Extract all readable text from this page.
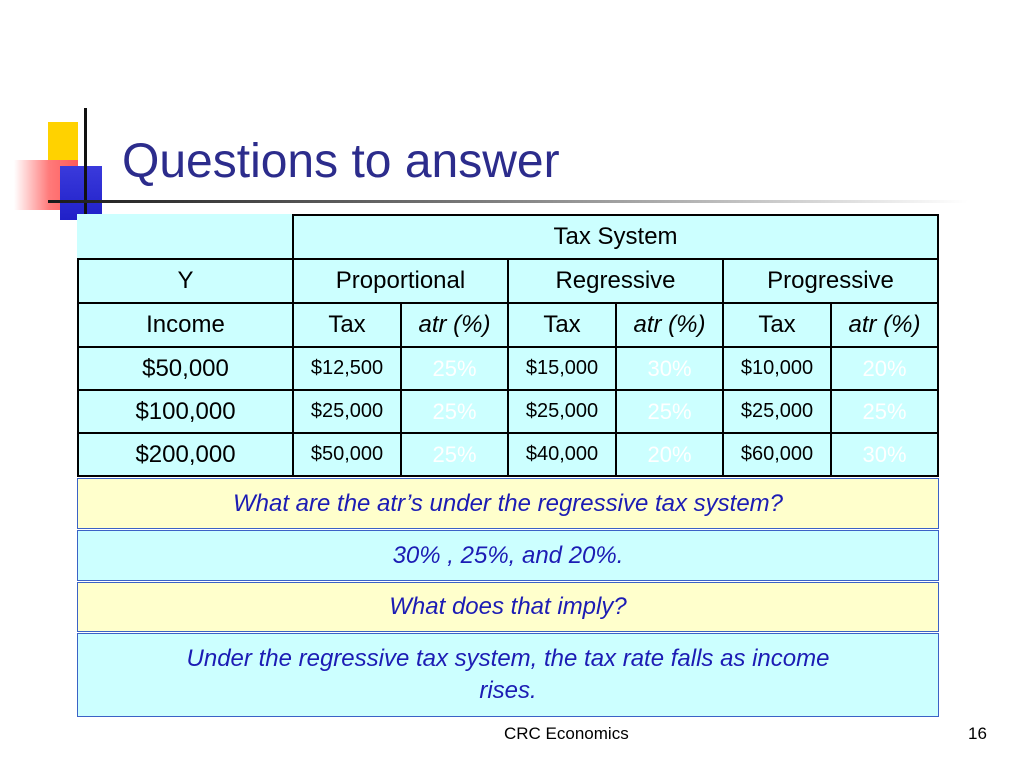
Questions to answer
	Tax System					
Y	Proportional		Regressive		Progressive	
Income	Tax	atr (%)	Tax	atr (%)	Tax	atr (%)
$50,000	$12,500	25%	$15,000	30%	$10,000	20%
$100,000	$25,000	25%	$25,000	25%	$25,000	25%
$200,000	$50,000	25%	$40,000	20%	$60,000	30%
What are the atr’s under the regressive tax system?
30% , 25%, and 20%.
What does that imply?
Under the regressive tax system, the tax rate falls as income rises.
CRC Economics	16
